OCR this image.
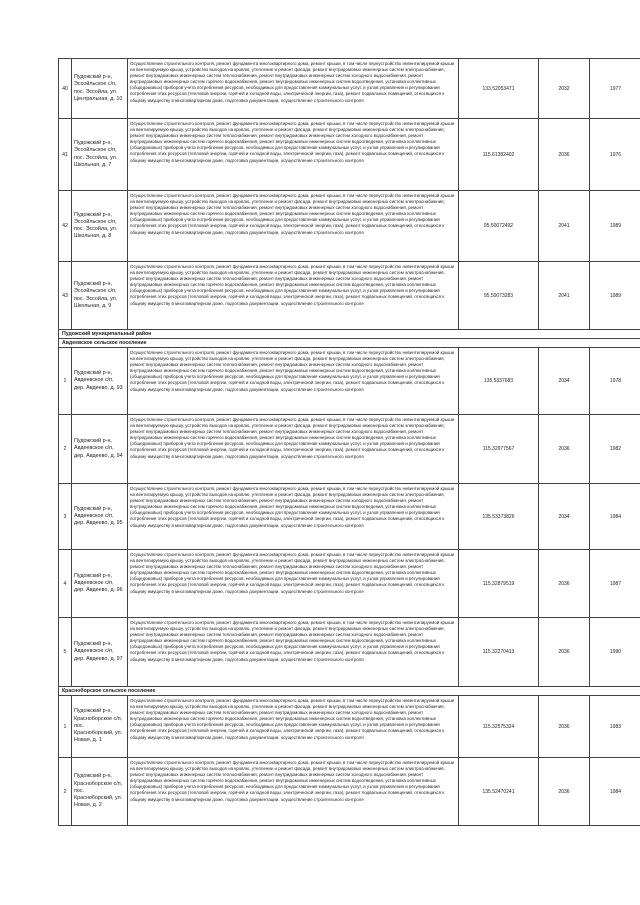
40	Пудожский р-н, Эссойльское с/п, пос. Эссойла, ул. Центральная, д. 10	Осуществление строительного контроля, ремонт фундамента многоквартирного дома, ремонт крыши, в том числе переустройство невентилируемой крыши на вентилируемую крышу, устройство выходов на кровлю, утепление и ремонт фасада, ремонт внутридомовых инженерных систем электроснабжения, ремонт внутридомовых инженерных систем теплоснабжения, ремонт внутридомовых инженерных систем холодного водоснабжения, ремонт внутридомовых инженерных систем горячего водоснабжения, ремонт внутридомовых инженерных систем водоотведения, установка коллективных (общедомовых) приборов учета потребления ресурсов, необходимых для предоставления коммунальных услуг, и узлов управления и регулирования потребления этих ресурсов (тепловой энергии, горячей и холодной воды, электрической энергии, газа), ремонт подвальных помещений, относящихся к общему имуществу в многоквартирном доме, подготовка документации, осуществление строительного контроля	133.52053471	2032	1977
41	Пудожский р-н, Эссойльское с/п, пос. Эссойла, ул. Школьная, д. 7	Осуществление строительного контроля, ремонт фундамента многоквартирного дома, ремонт крыши, в том числе переустройство невентилируемой крыши на вентилируемую крышу, устройство выходов на кровлю, утепление и ремонт фасада, ремонт внутридомовых инженерных систем электроснабжения, ремонт внутридомовых инженерных систем теплоснабжения, ремонт внутридомовых инженерных систем холодного водоснабжения, ремонт внутридомовых инженерных систем горячего водоснабжения, ремонт внутридомовых инженерных систем водоотведения, установка коллективных (общедомовых) приборов учета потребления ресурсов, необходимых для предоставления коммунальных услуг, и узлов управления и регулирования потребления этих ресурсов (тепловой энергии, горячей и холодной воды, электрической энергии, газа), ремонт подвальных помещений, относящихся к общему имуществу в многоквартирном доме, подготовка документации, осуществление строительного контроля	115.61382402	2036	1976
42	Пудожский р-н, Эссойльское с/п, пос. Эссойла, ул. Школьная, д. 8	Осуществление строительного контроля, ремонт фундамента многоквартирного дома, ремонт крыши, в том числе переустройство невентилируемой крыши на вентилируемую крышу, устройство выходов на кровлю, утепление и ремонт фасада, ремонт внутридомовых инженерных систем электроснабжения, ремонт внутридомовых инженерных систем теплоснабжения, ремонт внутридомовых инженерных систем холодного водоснабжения, ремонт внутридомовых инженерных систем горячего водоснабжения, ремонт внутридомовых инженерных систем водоотведения, установка коллективных (общедомовых) приборов учета потребления ресурсов, необходимых для предоставления коммунальных услуг, и узлов управления и регулирования потребления этих ресурсов (тепловой энергии, горячей и холодной воды, электрической энергии, газа), ремонт подвальных помещений, относящихся к общему имуществу в многоквартирном доме, подготовка документации, осуществление строительного контроля	95.50072492	2041	1989
43	Пудожский р-н, Эссойльское с/п, пос. Эссойла, ул. Школьная, д. 9	Осуществление строительного контроля, ремонт фундамента многоквартирного дома, ремонт крыши, в том числе переустройство невентилируемой крыши на вентилируемую крышу, устройство выходов на кровлю, утепление и ремонт фасада, ремонт внутридомовых инженерных систем электроснабжения, ремонт внутридомовых инженерных систем теплоснабжения, ремонт внутридомовых инженерных систем холодного водоснабжения, ремонт внутридомовых инженерных систем горячего водоснабжения, ремонт внутридомовых инженерных систем водоотведения, установка коллективных (общедомовых) приборов учета потребления ресурсов, необходимых для предоставления коммунальных услуг, и узлов управления и регулирования потребления этих ресурсов (тепловой энергии, горячей и холодной воды, электрической энергии, газа), ремонт подвальных помещений, относящихся к общему имуществу в многоквартирном доме, подготовка документации, осуществление строительного контроля	95.50073283	2041	1989
Пудожский муниципальный район					
Авдеевское сельское поселение					
1	Пудожский р-н, Авдеевское с/п, дер. Авдеево, д. 93	Осуществление строительного контроля, ремонт фундамента многоквартирного дома, ремонт крыши, в том числе переустройство невентилируемой крыши на вентилируемую крышу, устройство выходов на кровлю, утепление и ремонт фасада, ремонт внутридомовых инженерных систем электроснабжения, ремонт внутридомовых инженерных систем теплоснабжения, ремонт внутридомовых инженерных систем холодного водоснабжения, ремонт внутридомовых инженерных систем горячего водоснабжения, ремонт внутридомовых инженерных систем водоотведения, установка коллективных (общедомовых) приборов учета потребления ресурсов, необходимых для предоставления коммунальных услуг, и узлов управления и регулирования потребления этих ресурсов (тепловой энергии, горячей и холодной воды, электрической энергии, газа), ремонт подвальных помещений, относящихся к общему имуществу в многоквартирном доме, подготовка документации, осуществление строительного контроля	135.5337683	2034	1978
2	Пудожский р-н, Авдеевское с/п, дер. Авдеево, д. 94	Осуществление строительного контроля, ремонт фундамента многоквартирного дома, ремонт крыши, в том числе переустройство невентилируемой крыши на вентилируемую крышу, устройство выходов на кровлю, утепление и ремонт фасада, ремонт внутридомовых инженерных систем электроснабжения, ремонт внутридомовых инженерных систем теплоснабжения, ремонт внутридомовых инженерных систем холодного водоснабжения, ремонт внутридомовых инженерных систем горячего водоснабжения, ремонт внутридомовых инженерных систем водоотведения, установка коллективных (общедомовых) приборов учета потребления ресурсов, необходимых для предоставления коммунальных услуг, и узлов управления и регулирования потребления этих ресурсов (тепловой энергии, горячей и холодной воды, электрической энергии, газа), ремонт подвальных помещений, относящихся к общему имуществу в многоквартирном доме, подготовка документации, осуществление строительного контроля	115.32977567	2036	1982
3	Пудожский р-н, Авдеевское с/п, дер. Авдеево, д. 95	Осуществление строительного контроля, ремонт фундамента многоквартирного дома, ремонт крыши, в том числе переустройство невентилируемой крыши на вентилируемую крышу, устройство выходов на кровлю, утепление и ремонт фасада, ремонт внутридомовых инженерных систем электроснабжения, ремонт внутридомовых инженерных систем теплоснабжения, ремонт внутридомовых инженерных систем холодного водоснабжения, ремонт внутридомовых инженерных систем горячего водоснабжения, ремонт внутридомовых инженерных систем водоотведения, установка коллективных (общедомовых) приборов учета потребления ресурсов, необходимых для предоставления коммунальных услуг, и узлов управления и регулирования потребления этих ресурсов (тепловой энергии, горячей и холодной воды, электрической энергии, газа), ремонт подвальных помещений, относящихся к общему имуществу в многоквартирном доме, подготовка документации, осуществление строительного контроля	135.53373826	2034	1984
4	Пудожский р-н, Авдеевское с/п, дер. Авдеево, д. 96	Осуществление строительного контроля, ремонт фундамента многоквартирного дома, ремонт крыши, в том числе переустройство невентилируемой крыши на вентилируемую крышу, устройство выходов на кровлю, утепление и ремонт фасада, ремонт внутридомовых инженерных систем электроснабжения, ремонт внутридомовых инженерных систем теплоснабжения, ремонт внутридомовых инженерных систем холодного водоснабжения, ремонт внутридомовых инженерных систем горячего водоснабжения, ремонт внутридомовых инженерных систем водоотведения, установка коллективных (общедомовых) приборов учета потребления ресурсов, необходимых для предоставления коммунальных услуг, и узлов управления и регулирования потребления этих ресурсов (тепловой энергии, горячей и холодной воды, электрической энергии, газа), ремонт подвальных помещений, относящихся к общему имуществу в многоквартирном доме, подготовка документации, осуществление строительного контроля	115.32879519	2036	1987
5	Пудожский р-н, Авдеевское с/п, дер. Авдеево, д. 97	Осуществление строительного контроля, ремонт фундамента многоквартирного дома, ремонт крыши, в том числе переустройство невентилируемой крыши на вентилируемую крышу, устройство выходов на кровлю, утепление и ремонт фасада, ремонт внутридомовых инженерных систем электроснабжения, ремонт внутридомовых инженерных систем теплоснабжения, ремонт внутридомовых инженерных систем холодного водоснабжения, ремонт внутридомовых инженерных систем горячего водоснабжения, ремонт внутридомовых инженерных систем водоотведения, установка коллективных (общедомовых) приборов учета потребления ресурсов, необходимых для предоставления коммунальных услуг, и узлов управления и регулирования потребления этих ресурсов (тепловой энергии, горячей и холодной воды, электрической энергии, газа), ремонт подвальных помещений, относящихся к общему имуществу в многоквартирном доме, подготовка документации, осуществление строительного контроля	115.32270413	2036	1990
Красноборское сельское поселение					
1	Пудожский р-н, Красноборское с/п, пос. Красноборский, ул. Новая, д. 1	Осуществление строительного контроля, ремонт фундамента многоквартирного дома, ремонт крыши, в том числе переустройство невентилируемой крыши на вентилируемую крышу, устройство выходов на кровлю, утепление и ремонт фасада, ремонт внутридомовых инженерных систем электроснабжения, ремонт внутридомовых инженерных систем теплоснабжения, ремонт внутридомовых инженерных систем холодного водоснабжения, ремонт внутридомовых инженерных систем горячего водоснабжения, ремонт внутридомовых инженерных систем водоотведения, установка коллективных (общедомовых) приборов учета потребления ресурсов, необходимых для предоставления коммунальных услуг, и узлов управления и регулирования потребления этих ресурсов (тепловой энергии, горячей и холодной воды, электрической энергии, газа), ремонт подвальных помещений, относящихся к общему имуществу в многоквартирном доме, подготовка документации, осуществление строительного контроля	115.32575324	2036	1983
2	Пудожский р-н, Красноборское с/п, пос. Красноборский, ул. Новая, д. 2	Осуществление строительного контроля, ремонт фундамента многоквартирного дома, ремонт крыши, в том числе переустройство невентилируемой крыши на вентилируемую крышу, устройство выходов на кровлю, утепление и ремонт фасада, ремонт внутридомовых инженерных систем электроснабжения, ремонт внутридомовых инженерных систем теплоснабжения, ремонт внутридомовых инженерных систем холодного водоснабжения, ремонт внутридомовых инженерных систем горячего водоснабжения, ремонт внутридомовых инженерных систем водоотведения, установка коллективных (общедомовых) приборов учета потребления ресурсов, необходимых для предоставления коммунальных услуг, и узлов управления и регулирования потребления этих ресурсов (тепловой энергии, горячей и холодной воды, электрической энергии, газа), ремонт подвальных помещений, относящихся к общему имуществу в многоквартирном доме, подготовка документации, осуществление строительного контроля	135.52470241	2036	1984
